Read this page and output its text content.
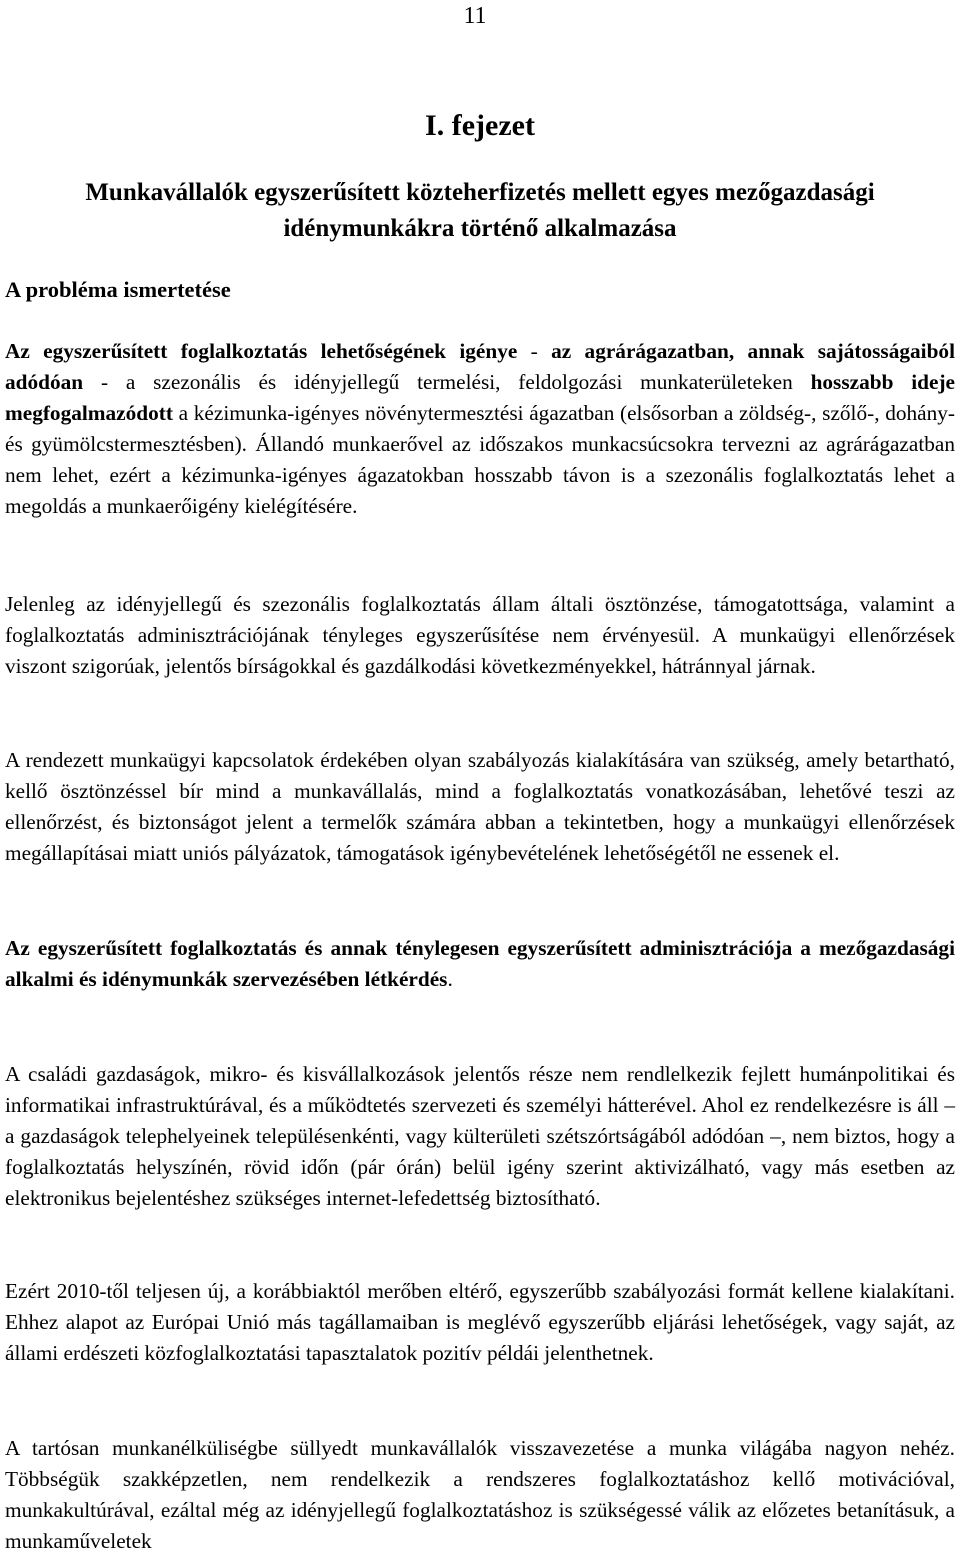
11
I. fejezet
Munkavállalók egyszerűsített közteherfizetés mellett egyes mezőgazdasági
idénymunkákra történő alkalmazása
A probléma ismertetése
Az egyszerűsített foglalkoztatás lehetőségének igénye - az agrárágazatban, annak sajátosságaiból adódóan - a szezonális és idényjellegű termelési, feldolgozási munkaterületeken hosszabb ideje megfogalmazódott a kézimunka-igényes növénytermesztési ágazatban (elsősorban a zöldség-, szőlő-, dohány- és gyümölcstermesztésben). Állandó munkaerővel az időszakos munkacsúcsokra tervezni az agrárágazatban nem lehet, ezért a kézimunka-igényes ágazatokban hosszabb távon is a szezonális foglalkoztatás lehet a megoldás a munkaerőigény kielégítésére.
Jelenleg az idényjellegű és szezonális foglalkoztatás állam általi ösztönzése, támogatottsága, valamint a foglalkoztatás adminisztrációjának tényleges egyszerűsítése nem érvényesül. A munkaügyi ellenőrzések viszont szigorúak, jelentős bírságokkal és gazdálkodási következményekkel, hátránnyal járnak.
A rendezett munkaügyi kapcsolatok érdekében olyan szabályozás kialakítására van szükség, amely betartható, kellő ösztönzéssel bír mind a munkavállalás, mind a foglalkoztatás vonatkozásában, lehetővé teszi az ellenőrzést, és biztonságot jelent a termelők számára abban a tekintetben, hogy a munkaügyi ellenőrzések megállapításai miatt uniós pályázatok, támogatások igénybevételének lehetőségétől ne essenek el.
Az egyszerűsített foglalkoztatás és annak ténylegesen egyszerűsített adminisztrációja a mezőgazdasági alkalmi és idénymunkák szervezésében létkérdés.
A családi gazdaságok, mikro- és kisvállalkozások jelentős része nem rendlelkezik fejlett humánpolitikai és informatikai infrastruktúrával, és a működtetés szervezeti és személyi hátterével. Ahol ez rendelkezésre is áll – a gazdaságok telephelyeinek településenkénti, vagy külterületi szétszórtságából adódóan –, nem biztos, hogy a foglalkoztatás helyszínén, rövid időn (pár órán) belül igény szerint aktivizálható, vagy más esetben az elektronikus bejelentéshez szükséges internet-lefedettség biztosítható.
Ezért 2010-től teljesen új, a korábbiaktól merőben eltérő, egyszerűbb szabályozási formát kellene kialakítani. Ehhez alapot az Európai Unió más tagállamaiban is meglévő egyszerűbb eljárási lehetőségek, vagy saját, az állami erdészeti közfoglalkoztatási tapasztalatok pozitív példái jelenthetnek.
A tartósan munkanélküliségbe süllyedt munkavállalók visszavezetése a munka világába nagyon nehéz. Többségük szakképzetlen, nem rendelkezik a rendszeres foglalkoztatáshoz kellő motivációval, munkakultúrával, ezáltal még az idényjellegű foglalkoztatáshoz is szükségessé válik az előzetes betanításuk, a munkaműveletek
